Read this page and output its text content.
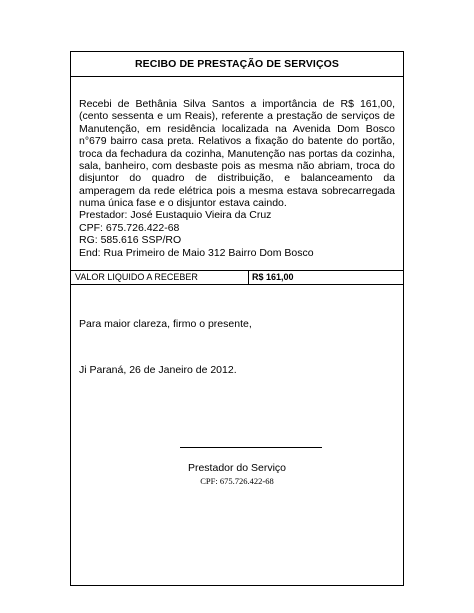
RECIBO DE PRESTAÇÃO DE SERVIÇOS
Recebi de Bethânia Silva Santos a importância de R$ 161,00, (cento sessenta e um Reais), referente a prestação de serviços de Manutenção, em residência localizada na Avenida Dom Bosco n°679 bairro casa preta. Relativos a fixação do batente do portão, troca da fechadura da cozinha, Manutenção nas portas da cozinha, sala, banheiro, com desbaste pois as mesma não abriam, troca do disjuntor do quadro de distribuição, e balanceamento da amperagem da rede elétrica pois a mesma estava sobrecarregada numa única fase e o disjuntor estava caindo.
Prestador: José Eustaquio Vieira da Cruz
CPF: 675.726.422-68
RG: 585.616 SSP/RO
End: Rua Primeiro de Maio 312 Bairro Dom Bosco
VALOR LIQUIDO A RECEBER	R$ 161,00
Para maior clareza, firmo o presente,
Ji Paraná, 26 de Janeiro de 2012.
Prestador do Serviço
CPF: 675.726.422-68
